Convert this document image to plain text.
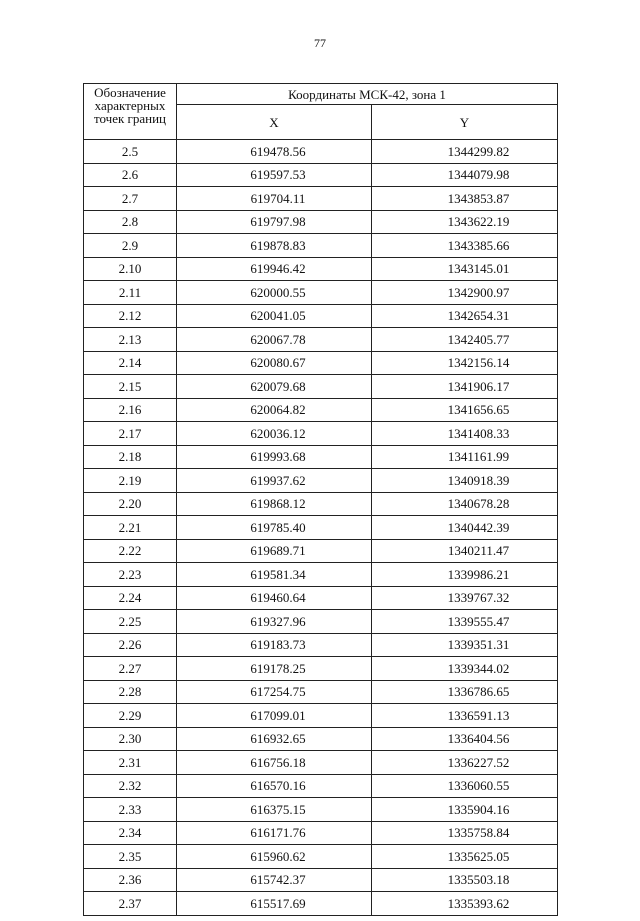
77
Обозначение характерных точек границ	Координаты МСК-42, зона 1	
	X	Y
2.5	619478.56	1344299.82
2.6	619597.53	1344079.98
2.7	619704.11	1343853.87
2.8	619797.98	1343622.19
2.9	619878.83	1343385.66
2.10	619946.42	1343145.01
2.11	620000.55	1342900.97
2.12	620041.05	1342654.31
2.13	620067.78	1342405.77
2.14	620080.67	1342156.14
2.15	620079.68	1341906.17
2.16	620064.82	1341656.65
2.17	620036.12	1341408.33
2.18	619993.68	1341161.99
2.19	619937.62	1340918.39
2.20	619868.12	1340678.28
2.21	619785.40	1340442.39
2.22	619689.71	1340211.47
2.23	619581.34	1339986.21
2.24	619460.64	1339767.32
2.25	619327.96	1339555.47
2.26	619183.73	1339351.31
2.27	619178.25	1339344.02
2.28	617254.75	1336786.65
2.29	617099.01	1336591.13
2.30	616932.65	1336404.56
2.31	616756.18	1336227.52
2.32	616570.16	1336060.55
2.33	616375.15	1335904.16
2.34	616171.76	1335758.84
2.35	615960.62	1335625.05
2.36	615742.37	1335503.18
2.37	615517.69	1335393.62
